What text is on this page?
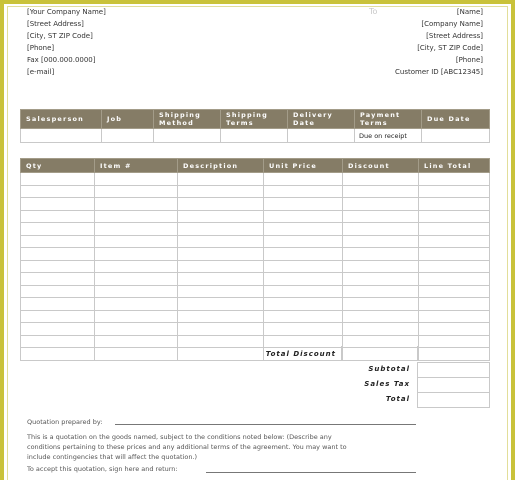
[Your Company Name]
[Street Address]
[City, ST ZIP Code]
[Phone]
Fax [000.000.0000]
[e-mail]
To	[Name]
[Company Name]
[Street Address]
[City, ST ZIP Code]
[Phone]
Customer ID [ABC12345]
Salesperson	Job	Shipping Method	Shipping Terms	Delivery Date	Payment Terms	Due Date
					Due on receipt	
Qty	Item #	Description	Unit Price	Discount	Line Total

Total Discount
Subtotal
Sales Tax
Total
Quotation prepared by:
This is a quotation on the goods named, subject to the conditions noted below: (Describe any
conditions pertaining to these prices and any additional terms of the agreement. You may want to
include contingencies that will affect the quotation.)
To accept this quotation, sign here and return:
